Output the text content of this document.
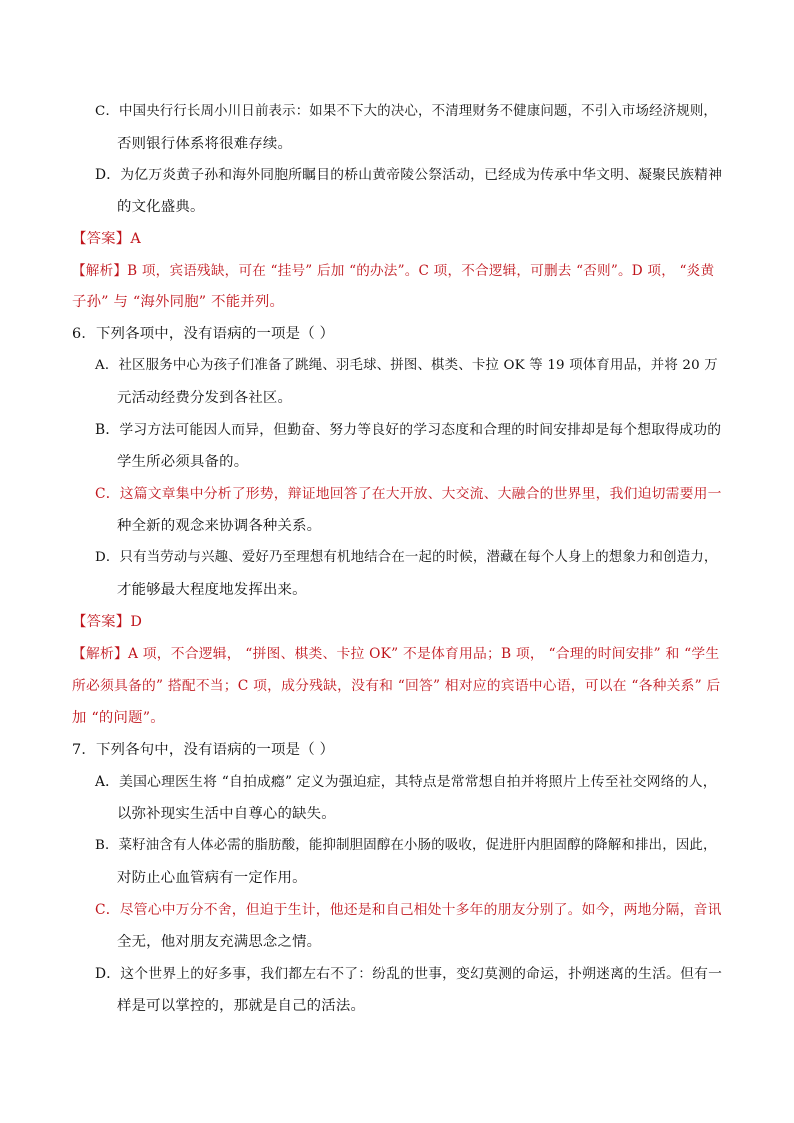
C．中国央行行长周小川日前表示：如果不下大的决心，不清理财务不健康问题，不引入市场经济规则，
否则银行体系将很难存续。
D．为亿万炎黄子孙和海外同胞所瞩目的桥山黄帝陵公祭活动，已经成为传承中华文明、凝聚民族精神
的文化盛典。
【答案】A
【解析】B 项，宾语残缺，可在 “挂号” 后加 “的办法”。C 项，不合逻辑，可删去 “否则”。D 项， “炎黄
子孙” 与 “海外同胞” 不能并列。
6．下列各项中，没有语病的一项是（ ）
A．社区服务中心为孩子们准备了跳绳、羽毛球、拼图、棋类、卡拉 OK 等 19 项体育用品，并将 20 万
元活动经费分发到各社区。
B．学习方法可能因人而异，但勤奋、努力等良好的学习态度和合理的时间安排却是每个想取得成功的
学生所必须具备的。
C．这篇文章集中分析了形势，辩证地回答了在大开放、大交流、大融合的世界里，我们迫切需要用一
种全新的观念来协调各种关系。
D．只有当劳动与兴趣、爱好乃至理想有机地结合在一起的时候，潜藏在每个人身上的想象力和创造力，
才能够最大程度地发挥出来。
【答案】D
【解析】A 项，不合逻辑， “拼图、棋类、卡拉 OK” 不是体育用品；B 项， “合理的时间安排” 和 “学生
所必须具备的” 搭配不当；C 项，成分残缺，没有和 “回答” 相对应的宾语中心语，可以在 “各种关系” 后
加 “的问题”。
7．下列各句中，没有语病的一项是（ ）
A．美国心理医生将 “自拍成瘾” 定义为强迫症，其特点是常常想自拍并将照片上传至社交网络的人，
以弥补现实生活中自尊心的缺失。
B．菜籽油含有人体必需的脂肪酸，能抑制胆固醇在小肠的吸收，促进肝内胆固醇的降解和排出，因此，
对防止心血管病有一定作用。
C．尽管心中万分不舍，但迫于生计，他还是和自己相处十多年的朋友分别了。如今，两地分隔，音讯
全无，他对朋友充满思念之情。
D．这个世界上的好多事，我们都左右不了：纷乱的世事，变幻莫测的命运，扑朔迷离的生活。但有一
样是可以掌控的，那就是自己的活法。
